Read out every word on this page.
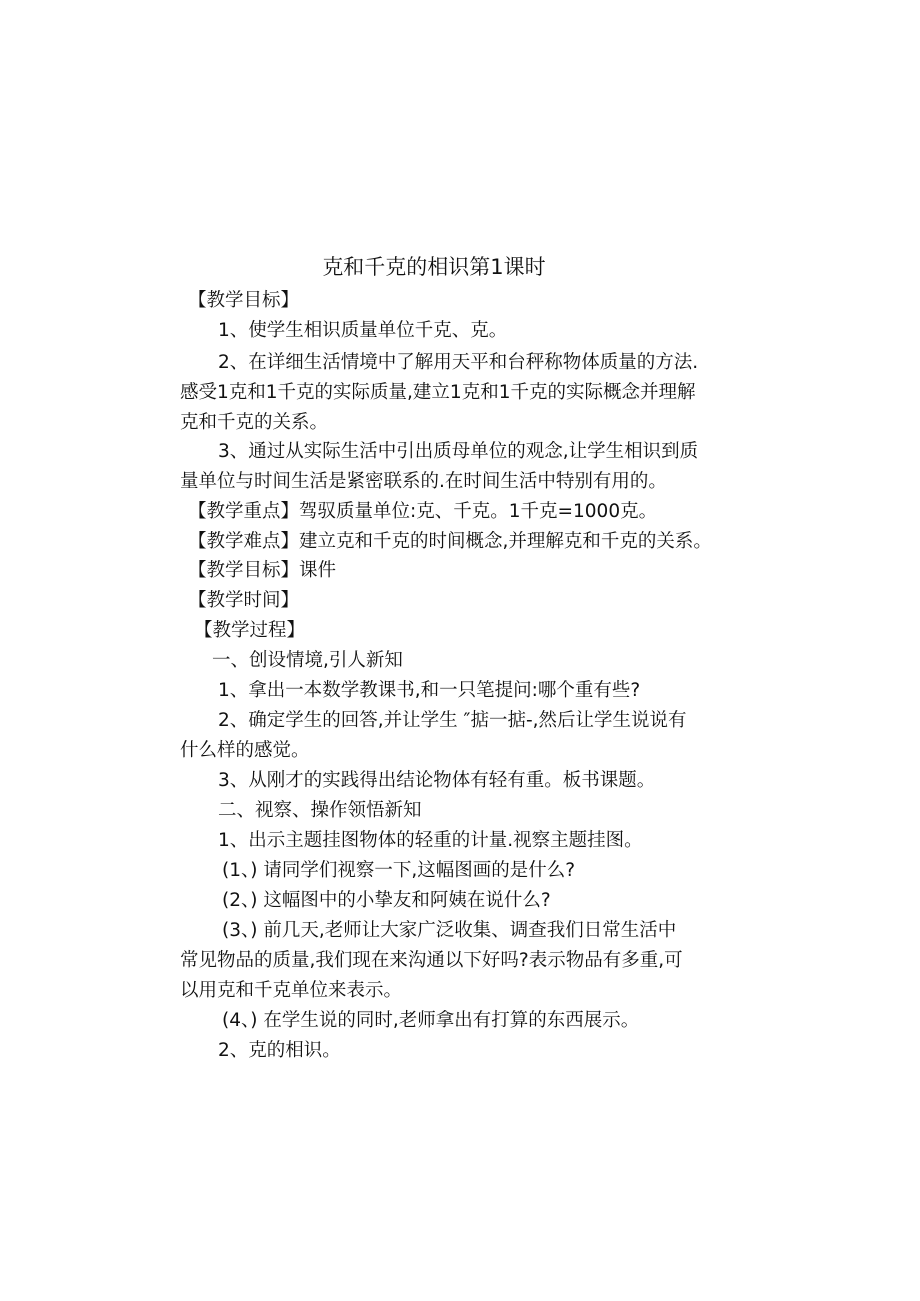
克和千克的相识第1课时
【教学目标】
1、使学生相识质量单位千克、克。
2、在详细生活情境中了解用天平和台秤称物体质量的方法.
感受1克和1千克的实际质量,建立1克和1千克的实际概念并理解
克和千克的关系。
3、通过从实际生活中引出质母单位的观念,让学生相识到质
量单位与时间生活是紧密联系的.在时间生活中特别有用的。
【教学重点】驾驭质量单位:克、千克。1千克=1000克。
【教学难点】建立克和千克的时间概念,并理解克和千克的关系。
【教学目标】课件
【教学时间】
【教学过程】
一、创设情境,引人新知
1、拿出一本数学教课书,和一只笔提问:哪个重有些?
2、确定学生的回答,并让学生 ″掂一掂-,然后让学生说说有
什么样的感觉。
3、从刚才的实践得出结论物体有轻有重。板书课题。
二、视察、操作领悟新知
1、出示主题挂图物体的轻重的计量.视察主题挂图。
(1、) 请同学们视察一下,这幅图画的是什么?
(2、) 这幅图中的小挚友和阿姨在说什么?
(3、) 前几天,老师让大家广泛收集、调查我们日常生活中
常见物品的质量,我们现在来沟通以下好吗?表示物品有多重,可
以用克和千克单位来表示。
(4、) 在学生说的同时,老师拿出有打算的东西展示。
2、克的相识。
